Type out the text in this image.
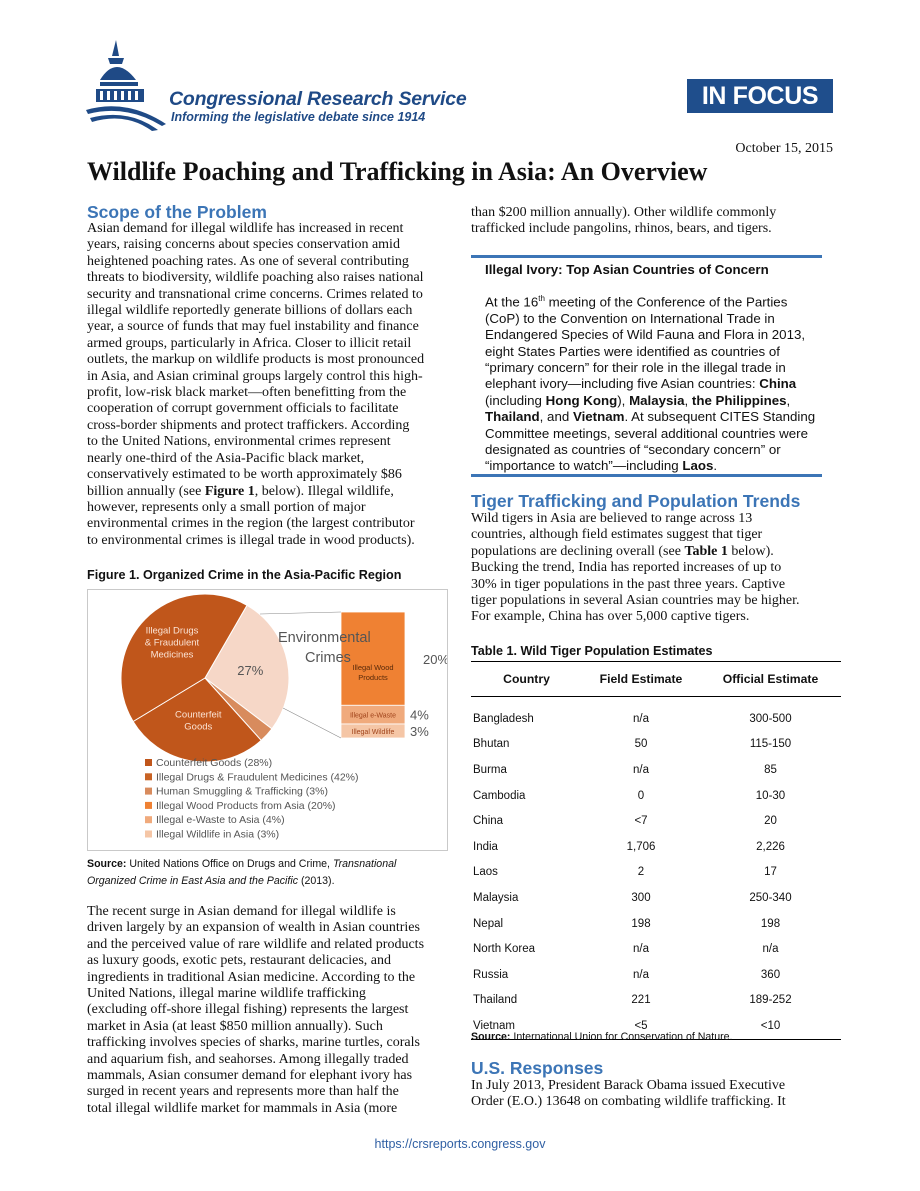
Congressional Research Service
Informing the legislative debate since 1914
IN FOCUS
October 15, 2015
Wildlife Poaching and Trafficking in Asia: An Overview
Scope of the Problem
Asian demand for illegal wildlife has increased in recent
years, raising concerns about species conservation amid
heightened poaching rates. As one of several contributing
threats to biodiversity, wildlife poaching also raises national
security and transnational crime concerns. Crimes related to
illegal wildlife reportedly generate billions of dollars each
year, a source of funds that may fuel instability and finance
armed groups, particularly in Africa. Closer to illicit retail
outlets, the markup on wildlife products is most pronounced
in Asia, and Asian criminal groups largely control this high-
profit, low-risk black market—often benefitting from the
cooperation of corrupt government officials to facilitate
cross-border shipments and protect traffickers. According
to the United Nations, environmental crimes represent
nearly one-third of the Asia-Pacific black market,
conservatively estimated to be worth approximately $86
billion annually (see Figure 1, below). Illegal wildlife,
however, represents only a small portion of major
environmental crimes in the region (the largest contributor
to environmental crimes is illegal trade in wood products).
Figure 1. Organized Crime in the Asia-Pacific Region
Illegal Drugs
& Fraudulent
Medicines
Counterfeit
Goods
27%	Illegal Wood
Products
20%
Illegal e-Waste 4%
Illegal Wildlife 3%
Environmental
Crimes
Counterfeit Goods (28%)
Illegal Drugs & Fraudulent Medicines (42%)
Human Smuggling & Trafficking (3%)
Illegal Wood Products from Asia (20%)
Illegal e-Waste to Asia (4%)
Illegal Wildlife in Asia (3%)
Source: United Nations Office on Drugs and Crime, Transnational
Organized Crime in East Asia and the Pacific (2013).
The recent surge in Asian demand for illegal wildlife is
driven largely by an expansion of wealth in Asian countries
and the perceived value of rare wildlife and related products
as luxury goods, exotic pets, restaurant delicacies, and
ingredients in traditional Asian medicine. According to the
United Nations, illegal marine wildlife trafficking
(excluding off-shore illegal fishing) represents the largest
market in Asia (at least $850 million annually). Such
trafficking involves species of sharks, marine turtles, corals
and aquarium fish, and seahorses. Among illegally traded
mammals, Asian consumer demand for elephant ivory has
surged in recent years and represents more than half the
total illegal wildlife market for mammals in Asia (more
than $200 million annually). Other wildlife commonly
trafficked include pangolins, rhinos, bears, and tigers.
Illegal Ivory: Top Asian Countries of Concern
At the 16th meeting of the Conference of the Parties (CoP) to the Convention on International Trade in Endangered Species of Wild Fauna and Flora in 2013, eight States Parties were identified as countries of “primary concern” for their role in the illegal trade in elephant ivory—including five Asian countries: China (including Hong Kong), Malaysia, the Philippines, Thailand, and Vietnam. At subsequent CITES Standing Committee meetings, several additional countries were designated as countries of “secondary concern” or “importance to watch”—including Laos.
Tiger Trafficking and Population Trends
Wild tigers in Asia are believed to range across 13
countries, although field estimates suggest that tiger
populations are declining overall (see Table 1 below).
Bucking the trend, India has reported increases of up to
30% in tiger populations in the past three years. Captive
tiger populations in several Asian countries may be higher.
For example, China has over 5,000 captive tigers.
Table 1. Wild Tiger Population Estimates
Country	Field Estimate	Official Estimate
Bangladesh	n/a	300-500
Bhutan	50	115-150
Burma	n/a	85
Cambodia	0	10-30
China	<7	20
India	1,706	2,226
Laos	2	17
Malaysia	300	250-340
Nepal	198	198
North Korea	n/a	n/a
Russia	n/a	360
Thailand	221	189-252
Vietnam	<5	<10
Source: International Union for Conservation of Nature.
U.S. Responses
In July 2013, President Barack Obama issued Executive
Order (E.O.) 13648 on combating wildlife trafficking. It
https://crsreports.congress.gov
